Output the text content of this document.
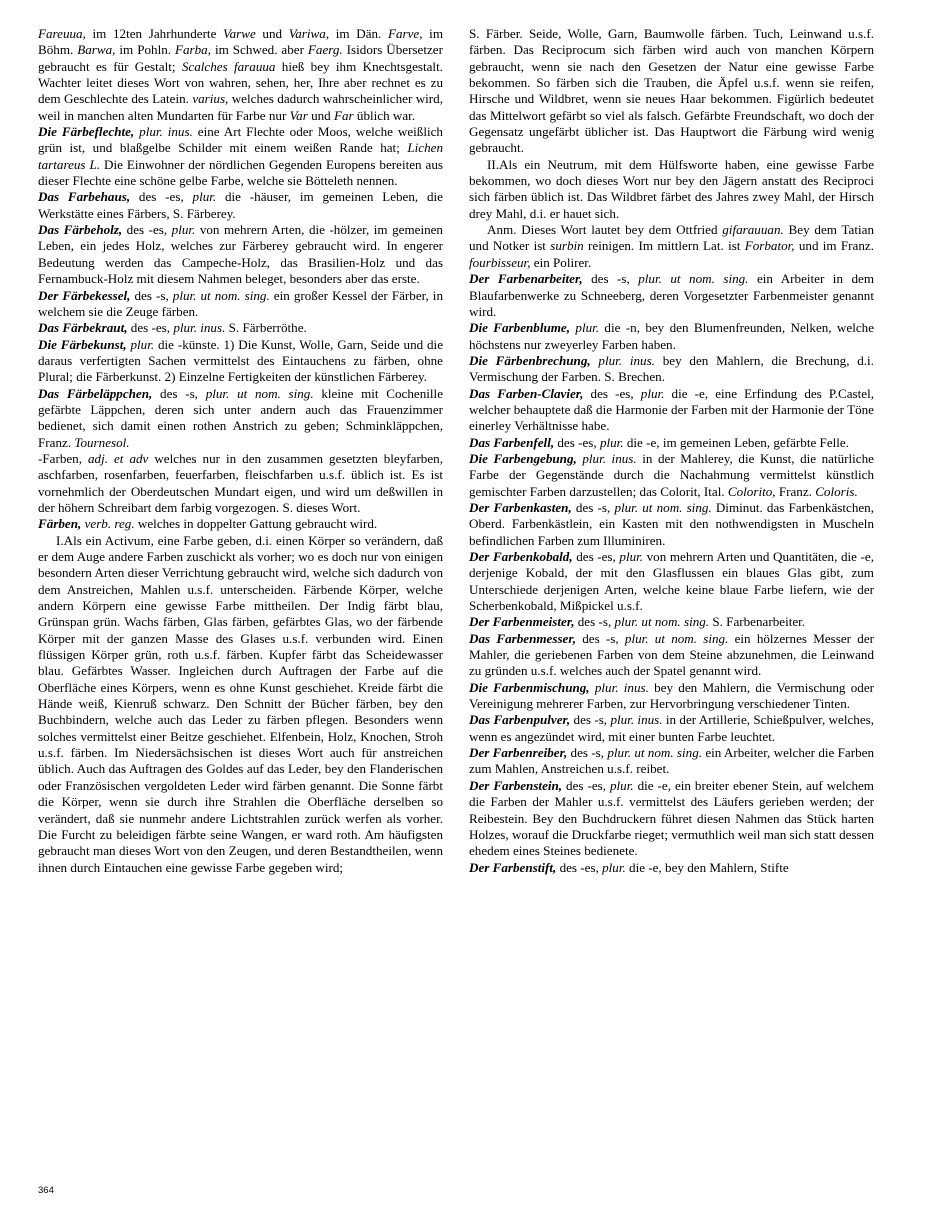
Fareuua, im 12ten Jahrhunderte Varwe und Variwa, im Dän. Farve, im Böhm. Barwa, im Pohln. Farba, im Schwed. aber Faerg. Isidors Übersetzer gebraucht es für Gestalt; Scalches farauua hieß bey ihm Knechtsgestalt. Wachter leitet dieses Wort von wahren, sehen, her, Ihre aber rechnet es zu dem Geschlechte des Latein. varius, welches dadurch wahrscheinlicher wird, weil in manchen alten Mundarten für Farbe nur Var und Far üblich war.

Die Färbeflechte, plur. inus. eine Art Flechte oder Moos, welche weißlich grün ist, und blaßgelbe Schilder mit einem weißen Rande hat; Lichen tartareus L. Die Einwohner der nördlichen Gegenden Europens bereiten aus dieser Flechte eine schöne gelbe Farbe, welche sie Bötteleth nennen.

Das Farbehaus, des -es, plur. die -häuser, im gemeinen Leben, die Werkstätte eines Färbers, S. Färberey.

Das Färbeholz, des -es, plur. von mehrern Arten, die -hölzer, im gemeinen Leben, ein jedes Holz, welches zur Färberey gebraucht wird. In engerer Bedeutung werden das Campeche-Holz, das Brasilien-Holz und das Fernambuck-Holz mit diesem Nahmen beleget, besonders aber das erste.

Der Färbekessel, des -s, plur. ut nom. sing. ein großer Kessel der Färber, in welchem sie die Zeuge färben.

Das Färbekraut, des -es, plur. inus. S. Färberröthe.

Die Färbekunst, plur. die -künste. 1) Die Kunst, Wolle, Garn, Seide und die daraus verfertigten Sachen vermittelst des Eintauchens zu färben, ohne Plural; die Färberkunst. 2) Einzelne Fertigkeiten der künstlichen Färberey.

Das Färbeläppchen, des -s, plur. ut nom. sing. kleine mit Cochenille gefärbte Läppchen, deren sich unter andern auch das Frauenzimmer bedienet, sich damit einen rothen Anstrich zu geben; Schminkläppchen, Franz. Tournesol.

-Farben, adj. et adv welches nur in den zusammen gesetzten bleyfarben, aschfarben, rosenfarben, feuerfarben, fleischfarben u.s.f. üblich ist. Es ist vornehmlich der Oberdeutschen Mundart eigen, und wird um deßwillen in der höhern Schreibart dem farbig vorgezogen. S. dieses Wort.

Färben, verb. reg. welches in doppelter Gattung gebraucht wird.

I.Als ein Activum, eine Farbe geben, d.i. einen Körper so verändern, daß er dem Auge andere Farben zuschickt als vorher; wo es doch nur von einigen besondern Arten dieser Verrichtung gebraucht wird, welche sich dadurch von dem Anstreichen, Mahlen u.s.f. unterscheiden. Färbende Körper, welche andern Körpern eine gewisse Farbe mittheilen. Der Indig färbt blau, Grünspan grün. Wachs färben, Glas färben, gefärbtes Glas, wo der färbende Körper mit der ganzen Masse des Glases u.s.f. verbunden wird. Einen flüssigen Körper grün, roth u.s.f. färben. Kupfer färbt das Scheidewasser blau. Gefärbtes Wasser. Ingleichen durch Auftragen der Farbe auf die Oberfläche eines Körpers, wenn es ohne Kunst geschiehet. Kreide färbt die Hände weiß, Kienruß schwarz. Den Schnitt der Bücher färben, bey den Buchbindern, welche auch das Leder zu färben pflegen. Besonders wenn solches vermittelst einer Beitze geschiehet. Elfenbein, Holz, Knochen, Stroh u.s.f. färben. Im Niedersächsischen ist dieses Wort auch für anstreichen üblich. Auch das Auftragen des Goldes auf das Leder, bey den Flanderischen oder Französischen vergoldeten Leder wird färben genannt. Die Sonne färbt die Körper, wenn sie durch ihre Strahlen die Oberfläche derselben so verändert, daß sie nunmehr andere Lichtstrahlen zurück werfen als vorher. Die Furcht zu beleidigen färbte seine Wangen, er ward roth. Am häufigsten gebraucht man dieses Wort von den Zeugen, und deren Bestandtheilen, wenn ihnen durch Eintauchen eine gewisse Farbe gegeben wird;

S. Färber. Seide, Wolle, Garn, Baumwolle färben. Tuch, Leinwand u.s.f. färben. Das Reciprocum sich färben wird auch von manchen Körpern gebraucht, wenn sie nach den Gesetzen der Natur eine gewisse Farbe bekommen. So färben sich die Trauben, die Äpfel u.s.f. wenn sie reifen, Hirsche und Wildbret, wenn sie neues Haar bekommen. Figürlich bedeutet das Mittelwort gefärbt so viel als falsch. Gefärbte Freundschaft, wo doch der Gegensatz ungefärbt üblicher ist. Das Hauptwort die Färbung wird wenig gebraucht.

II.Als ein Neutrum, mit dem Hülfsworte haben, eine gewisse Farbe bekommen, wo doch dieses Wort nur bey den Jägern anstatt des Reciproci sich färben üblich ist. Das Wildbret färbet des Jahres zwey Mahl, der Hirsch drey Mahl, d.i. er hauet sich.

Anm. Dieses Wort lautet bey dem Ottfried gifarauuan. Bey dem Tatian und Notker ist surbin reinigen. Im mittlern Lat. ist Forbator, und im Franz. fourbisseur, ein Polirer.

Der Farbenarbeiter, des -s, plur. ut nom. sing. ein Arbeiter in dem Blaufarbenwerke zu Schneeberg, deren Vorgesetzter Farbenmeister genannt wird.

Die Farbenblume, plur. die -n, bey den Blumenfreunden, Nelken, welche höchstens nur zweyerley Farben haben.

Die Färbenbrechung, plur. inus. bey den Mahlern, die Brechung, d.i. Vermischung der Farben. S. Brechen.

Das Farben-Clavier, des -es, plur. die -e, eine Erfindung des P.Castel, welcher behauptete daß die Harmonie der Farben mit der Harmonie der Töne einerley Verhältnisse habe.

Das Farbenfell, des -es, plur. die -e, im gemeinen Leben, gefärbte Felle.

Die Farbengebung, plur. inus. in der Mahlerey, die Kunst, die natürliche Farbe der Gegenstände durch die Nachahmung vermittelst künstlich gemischter Farben darzustellen; das Colorit, Ital. Colorito, Franz. Coloris.

Der Farbenkasten, des -s, plur. ut nom. sing. Diminut. das Farbenkästchen, Oberd. Farbenkästlein, ein Kasten mit den nothwendigsten in Muscheln befindlichen Farben zum Illuminiren.

Der Farbenkobald, des -es, plur. von mehrern Arten und Quantitäten, die -e, derjenige Kobald, der mit den Glasflussen ein blaues Glas gibt, zum Unterschiede derjenigen Arten, welche keine blaue Farbe liefern, wie der Scherbenkobald, Mißpickel u.s.f.

Der Farbenmeister, des -s, plur. ut nom. sing. S. Farbenarbeiter.

Das Farbenmesser, des -s, plur. ut nom. sing. ein hölzernes Messer der Mahler, die geriebenen Farben von dem Steine abzunehmen, die Leinwand zu gründen u.s.f. welches auch der Spatel genannt wird.

Die Farbenmischung, plur. inus. bey den Mahlern, die Vermischung oder Vereinigung mehrerer Farben, zur Hervorbringung verschiedener Tinten.

Das Farbenpulver, des -s, plur. inus. in der Artillerie, Schießpulver, welches, wenn es angezündet wird, mit einer bunten Farbe leuchtet.

Der Farbenreiber, des -s, plur. ut nom. sing. ein Arbeiter, welcher die Farben zum Mahlen, Anstreichen u.s.f. reibet.

Der Farbenstein, des -es, plur. die -e, ein breiter ebener Stein, auf welchem die Farben der Mahler u.s.f. vermittelst des Läufers gerieben werden; der Reibestein. Bey den Buchdruckern führet diesen Nahmen das Stück harten Holzes, worauf die Druckfarbe rieget; vermuthlich weil man sich statt dessen ehedem eines Steines bedienete.

Der Farbenstift, des -es, plur. die -e, bey den Mahlern, Stifte

364
